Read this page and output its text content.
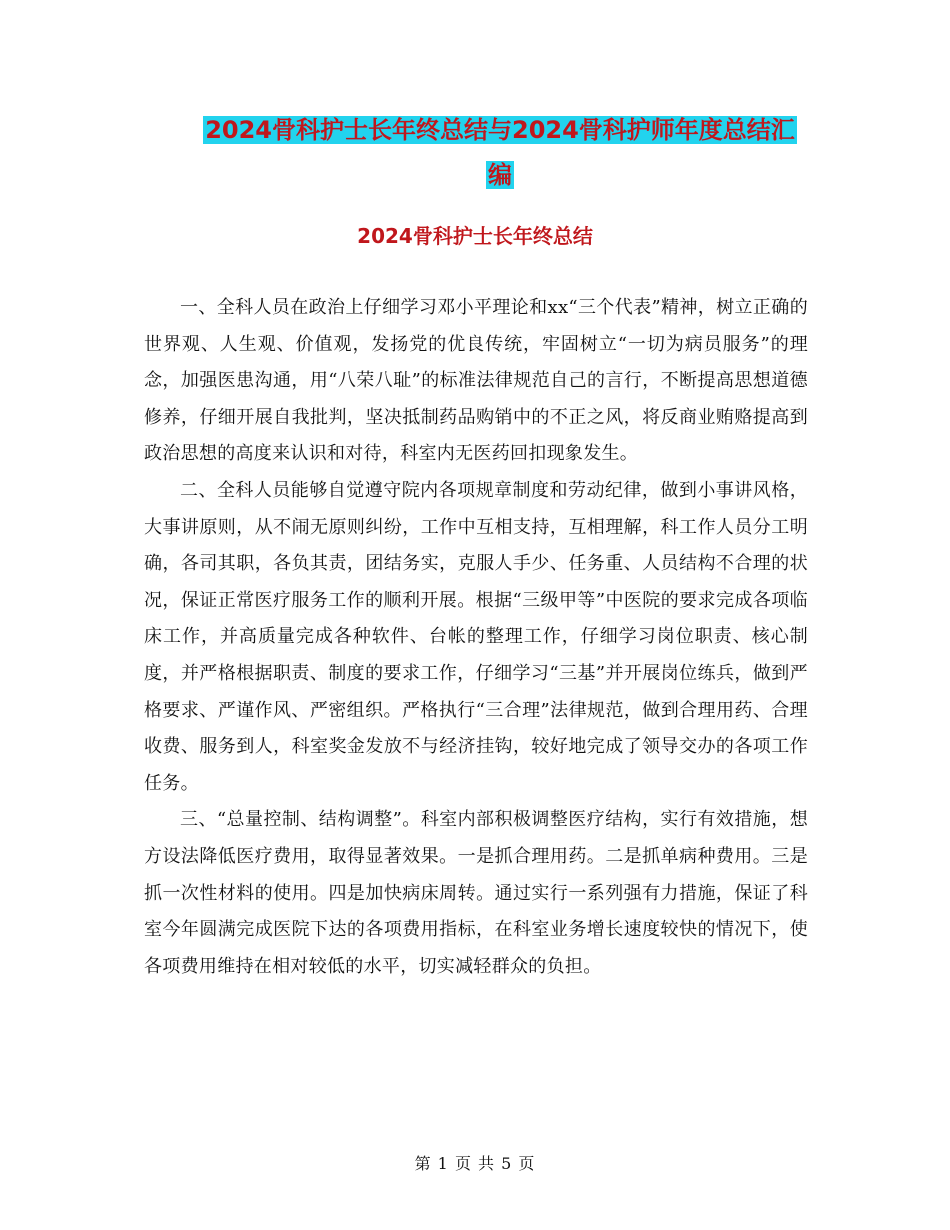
2024骨科护士长年终总结与2024骨科护师年度总结汇
编
2024骨科护士长年终总结

一、全科人员在政治上仔细学习邓小平理论和xx“三个代表”精神，树立正确的世界观、人生观、价值观，发扬党的优良传统，牢固树立“一切为病员服务”的理念，加强医患沟通，用“八荣八耻”的标准法律规范自己的言行，不断提高思想道德修养，仔细开展自我批判，坚决抵制药品购销中的不正之风，将反商业贿赂提高到政治思想的高度来认识和对待，科室内无医药回扣现象发生。

二、全科人员能够自觉遵守院内各项规章制度和劳动纪律，做到小事讲风格，大事讲原则，从不闹无原则纠纷，工作中互相支持，互相理解，科工作人员分工明确，各司其职，各负其责，团结务实，克服人手少、任务重、人员结构不合理的状况，保证正常医疗服务工作的顺利开展。根据“三级甲等”中医院的要求完成各项临床工作，并高质量完成各种软件、台帐的整理工作，仔细学习岗位职责、核心制度，并严格根据职责、制度的要求工作，仔细学习“三基”并开展岗位练兵，做到严格要求、严谨作风、严密组织。严格执行“三合理”法律规范，做到合理用药、合理收费、服务到人，科室奖金发放不与经济挂钩，较好地完成了领导交办的各项工作任务。

三、“总量控制、结构调整”。科室内部积极调整医疗结构，实行有效措施，想方设法降低医疗费用，取得显著效果。一是抓合理用药。二是抓单病种费用。三是抓一次性材料的使用。四是加快病床周转。通过实行一系列强有力措施，保证了科室今年圆满完成医院下达的各项费用指标，在科室业务增长速度较快的情况下，使各项费用维持在相对较低的水平，切实减轻群众的负担。

第 1 页 共 5 页
